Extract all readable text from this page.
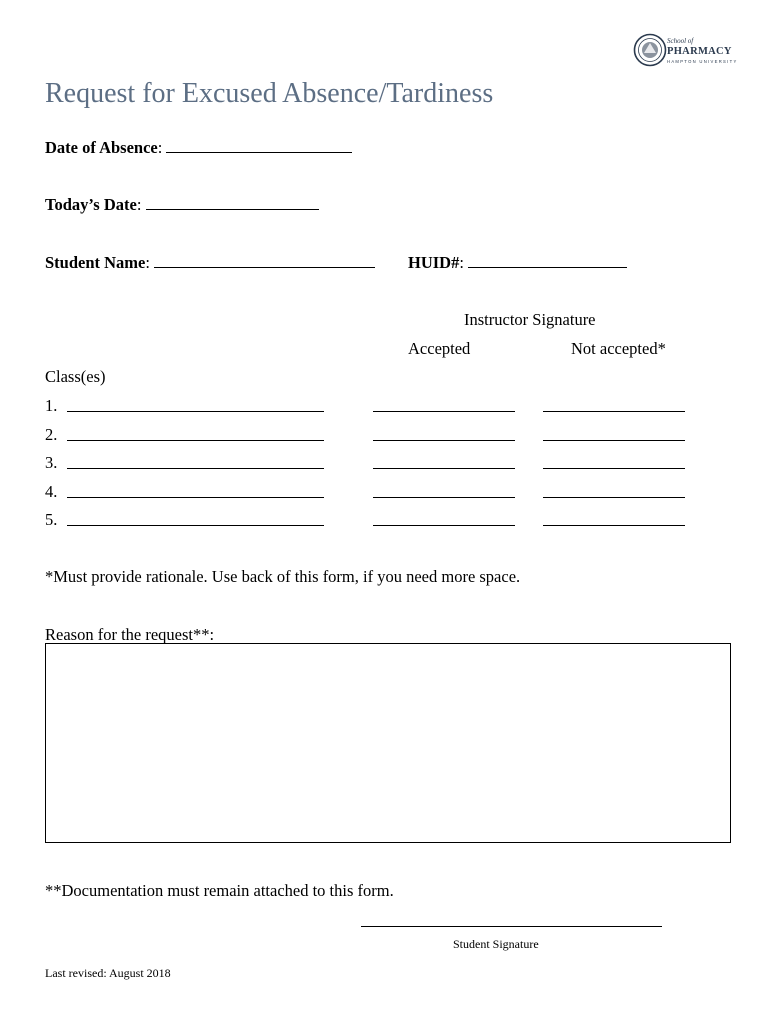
School of
PHARMACY
HAMPTON UNIVERSITY
Request for Excused Absence/Tardiness
Date of Absence:
Today’s Date:
Student Name:	HUID#:
Instructor Signature
Accepted	Not accepted*
Class(es)
1.
2.
3.
4.
5.
*Must provide rationale. Use back of this form, if you need more space.
Reason for the request**:
**Documentation must remain attached to this form.
Student Signature
Last revised: August 2018
